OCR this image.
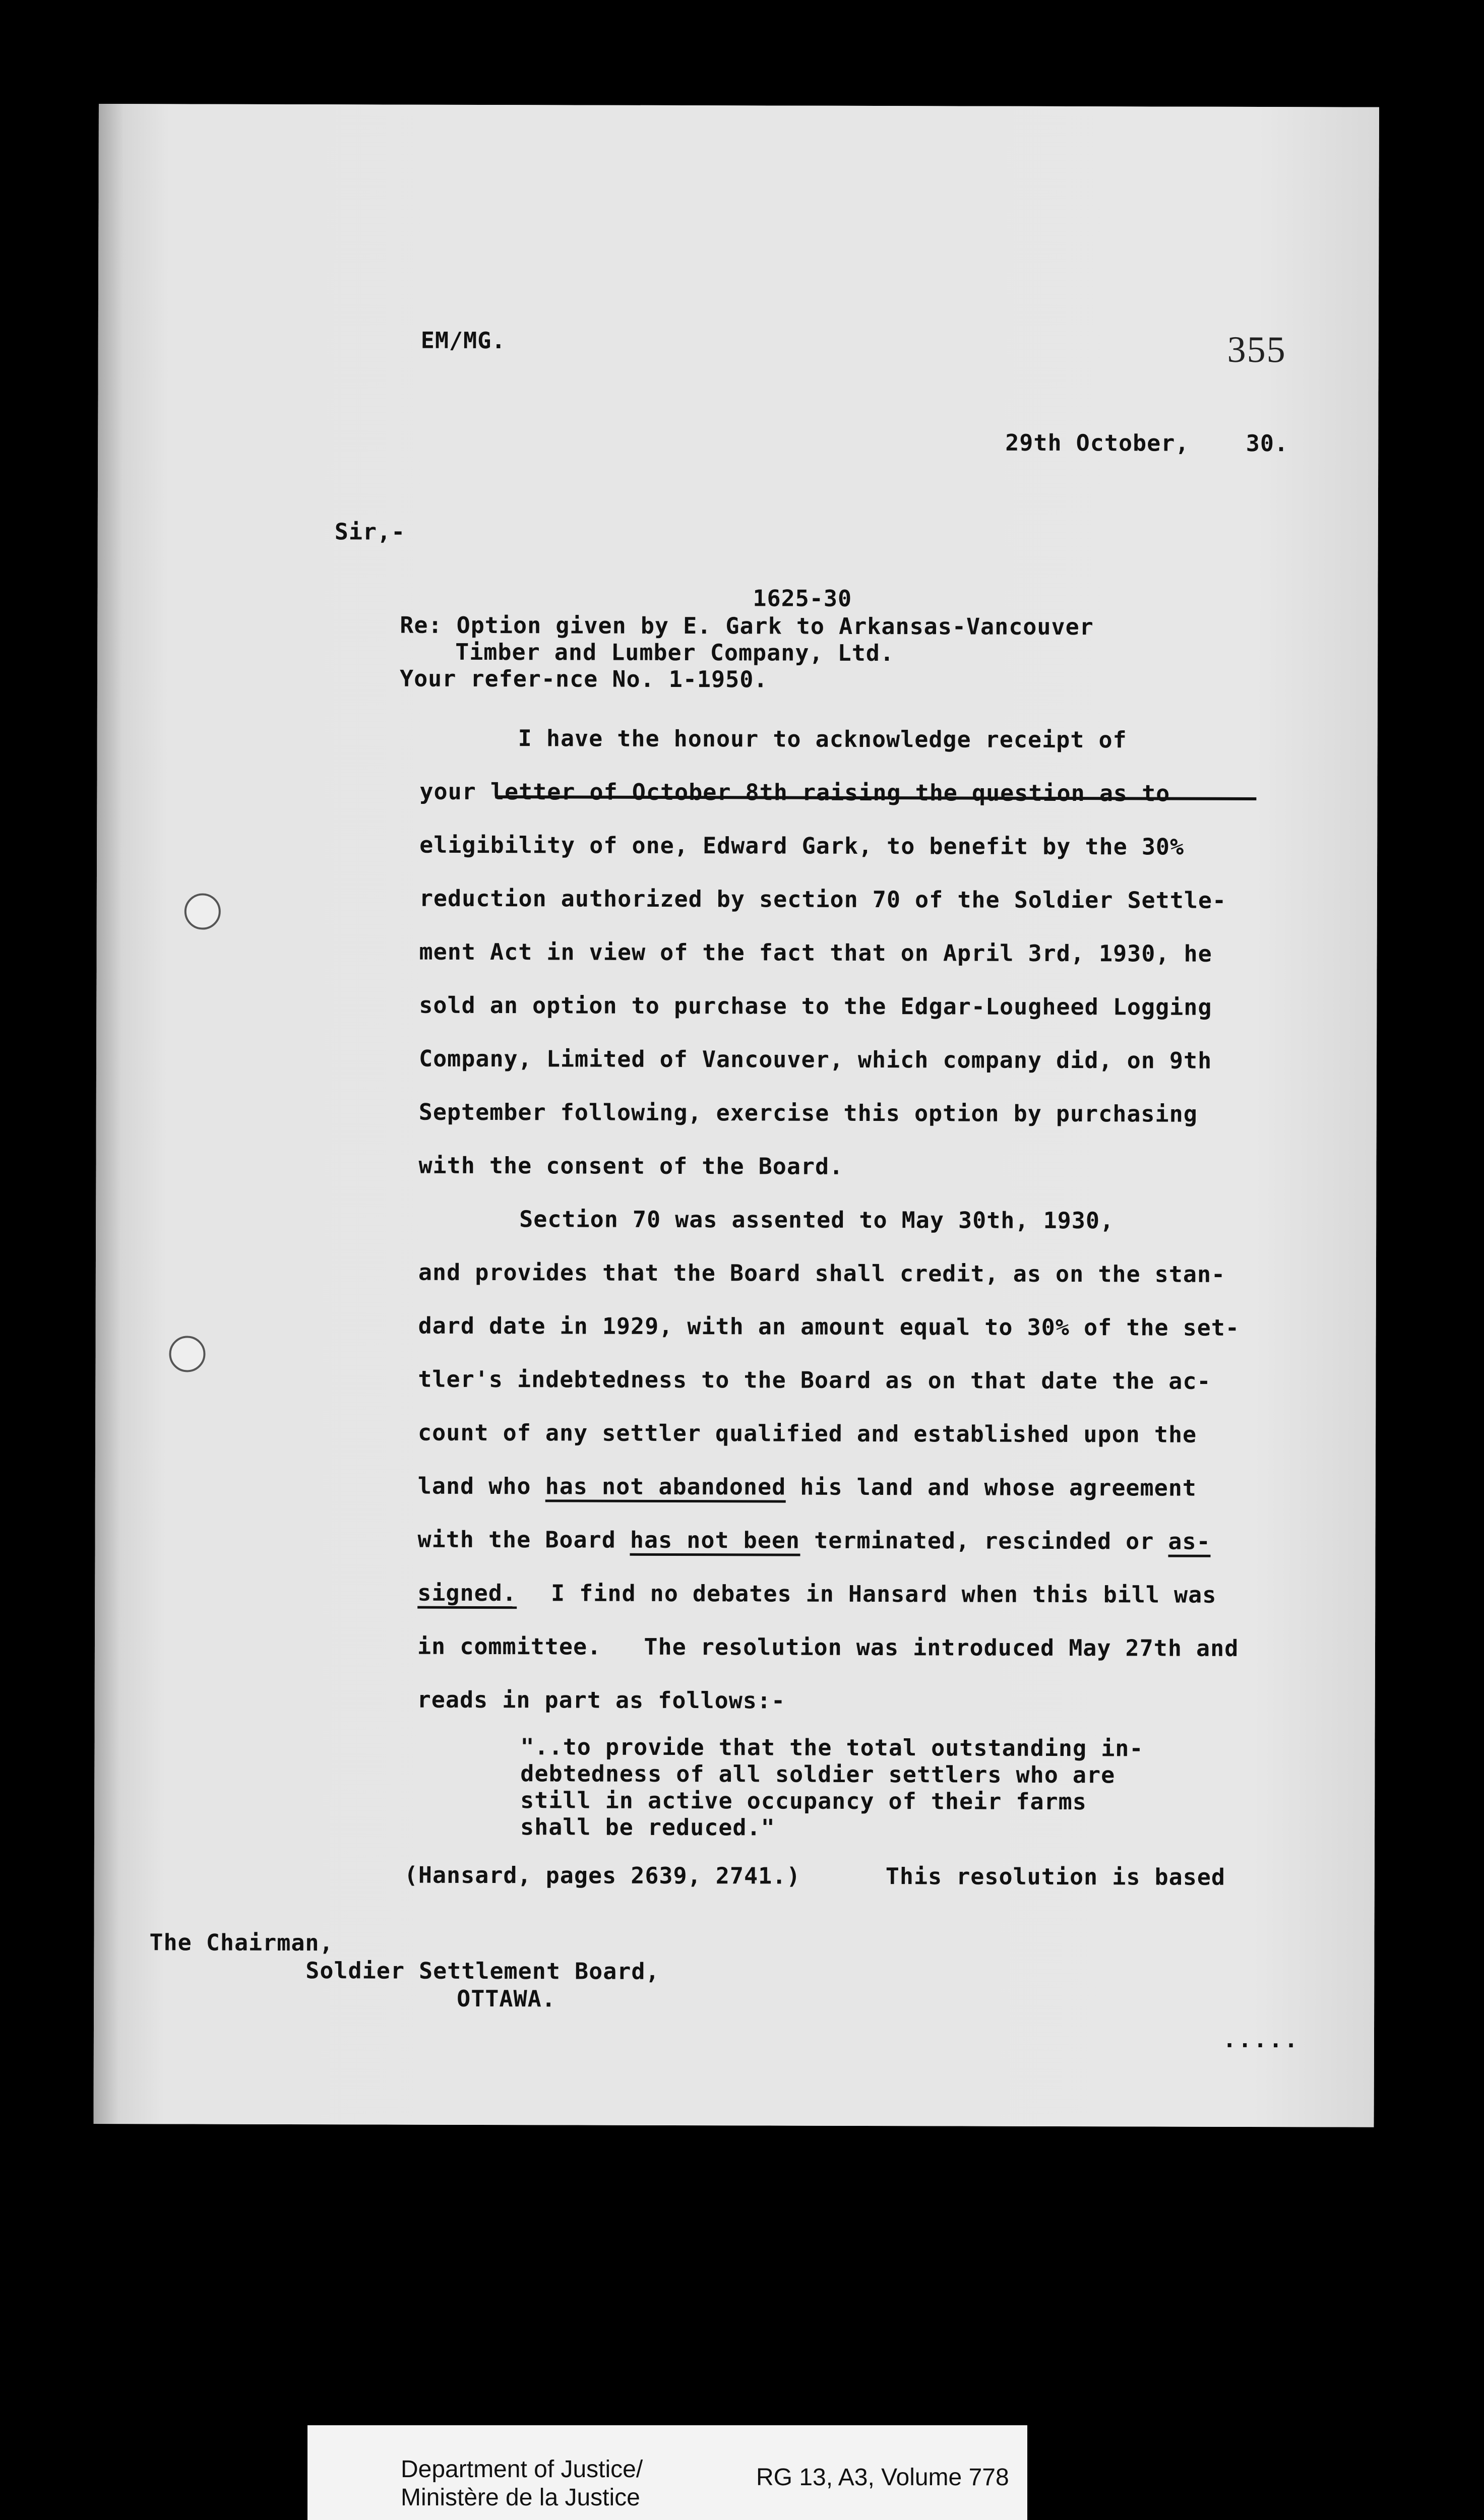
355
EM/MG.
29th October,    30.
Sir,-
1625-30
Re: Option given by E. Gark to Arkansas-Vancouver
Timber and Lumber Company, Ltd.
Your refer-nce No. 1-1950.
I have the honour to acknowledge receipt of
your letter of October 8th raising the question as to
eligibility of one, Edward Gark, to benefit by the 30%
reduction authorized by section 70 of the Soldier Settle-
ment Act in view of the fact that on April 3rd, 1930, he
sold an option to purchase to the Edgar-Lougheed Logging
Company, Limited of Vancouver, which company did, on 9th
September following, exercise this option by purchasing
with the consent of the Board.
Section 70 was assented to May 30th, 1930,
and provides that the Board shall credit, as on the stan-
dard date in 1929, with an amount equal to 30% of the set-
tler's indebtedness to the Board as on that date the ac-
count of any settler qualified and established upon the
land who has not abandoned his land and whose agreement
with the Board has not been terminated, rescinded or as-
signed. I find no debates in Hansard when this bill was
in committee.   The resolution was introduced May 27th and
reads in part as follows:-
"..to provide that the total outstanding in-
debtedness of all soldier settlers who are
still in active occupancy of their farms
shall be reduced."
(Hansard, pages 2639, 2741.)	This resolution is based
.....
The Chairman,
Soldier Settlement Board,
OTTAWA.
Department of Justice/
Ministère de la Justice
RG 13, A3, Volume 778
